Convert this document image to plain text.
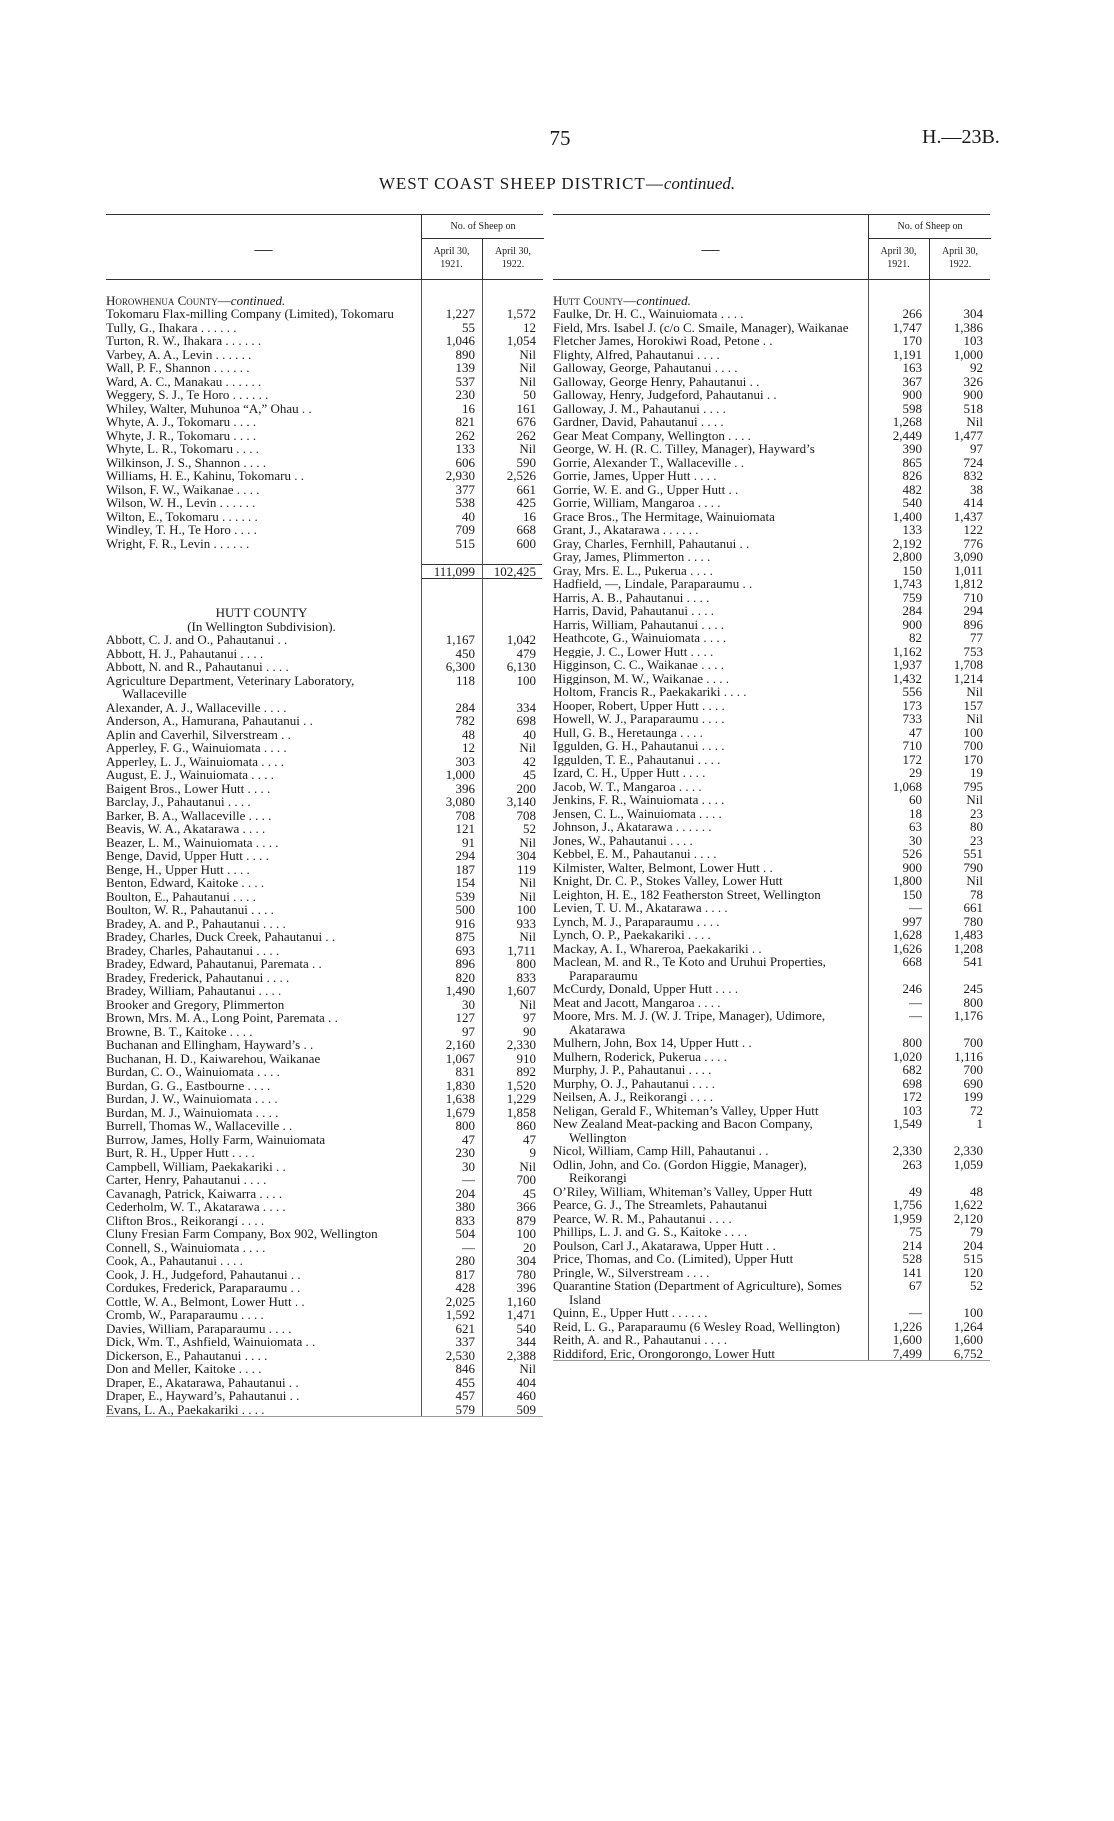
75	H.—23B.
WEST COAST SHEEP DISTRICT—continued.
—
No. of Sheep on
April 30, 1921.
April 30, 1922.
Horowhenua County—continued.
Tokomaru Flax-milling Company (Limited), Tokomaru	1,227	1,572
Tully, G., Ihakara . . . . . .	55	12
Turton, R. W., Ihakara . . . . . .	1,046	1,054
Varbey, A. A., Levin . . . . . .	890	Nil
Wall, P. F., Shannon . . . . . .	139	Nil
Ward, A. C., Manakau . . . . . .	537	Nil
Weggery, S. J., Te Horo . . . . . .	230	50
Whiley, Walter, Muhunoa “A,” Ohau . .	16	161
Whyte, A. J., Tokomaru . . . .	821	676
Whyte, J. R., Tokomaru . . . .	262	262
Whyte, L. R., Tokomaru . . . .	133	Nil
Wilkinson, J. S., Shannon . . . .	606	590
Williams, H. E., Kahinu, Tokomaru . .	2,930	2,526
Wilson, F. W., Waikanae . . . .	377	661
Wilson, W. H., Levin . . . . . .	538	425
Wilton, E., Tokomaru . . . . . .	40	16
Windley, T. H., Te Horo . . . .	709	668
Wright, F. R., Levin . . . . . .	515	600
111,099	102,425
HUTT COUNTY
(In Wellington Subdivision).
Abbott, C. J. and O., Pahautanui . .	1,167	1,042
Abbott, H. J., Pahautanui . . . .	450	479
Abbott, N. and R., Pahautanui . . . .	6,300	6,130
Agriculture Department, Veterinary Laboratory, Wallaceville
118	100
Alexander, A. J., Wallaceville . . . .	284	334
Anderson, A., Hamurana, Pahautanui . .	782	698
Aplin and Caverhil, Silverstream . .	48	40
Apperley, F. G., Wainuiomata . . . .	12	Nil
Apperley, L. J., Wainuiomata . . . .	303	42
August, E. J., Wainuiomata . . . .	1,000	45
Baigent Bros., Lower Hutt . . . .	396	200
Barclay, J., Pahautanui . . . .	3,080	3,140
Barker, B. A., Wallaceville . . . .	708	708
Beavis, W. A., Akatarawa . . . .	121	52
Beazer, L. M., Wainuiomata . . . .	91	Nil
Benge, David, Upper Hutt . . . .	294	304
Benge, H., Upper Hutt . . . .	187	119
Benton, Edward, Kaitoke . . . .	154	Nil
Boulton, E., Pahautanui . . . .	539	Nil
Boulton, W. R., Pahautanui . . . .	500	100
Bradey, A. and P., Pahautanui . . . .	916	933
Bradey, Charles, Duck Creek, Pahautanui . .	875	Nil
Bradey, Charles, Pahautanui . . . .	693	1,711
Bradey, Edward, Pahautanui, Paremata . .	896	800
Bradey, Frederick, Pahautanui . . . .	820	833
Bradey, William, Pahautanui . . . .	1,490	1,607
Brooker and Gregory, Plimmerton	30	Nil
Brown, Mrs. M. A., Long Point, Paremata . .	127	97
Browne, B. T., Kaitoke . . . .	97	90
Buchanan and Ellingham, Hayward’s . .	2,160	2,330
Buchanan, H. D., Kaiwarehou, Waikanae	1,067	910
Burdan, C. O., Wainuiomata . . . .	831	892
Burdan, G. G., Eastbourne . . . .	1,830	1,520
Burdan, J. W., Wainuiomata . . . .	1,638	1,229
Burdan, M. J., Wainuiomata . . . .	1,679	1,858
Burrell, Thomas W., Wallaceville . .	800	860
Burrow, James, Holly Farm, Wainuiomata	47	47
Burt, R. H., Upper Hutt . . . .	230	9
Campbell, William, Paekakariki . .	30	Nil
Carter, Henry, Pahautanui . . . .	—	700
Cavanagh, Patrick, Kaiwarra . . . .	204	45
Cederholm, W. T., Akatarawa . . . .	380	366
Clifton Bros., Reikorangi . . . .	833	879
Cluny Fresian Farm Company, Box 902, Wellington	504	100
Connell, S., Wainuiomata . . . .	—	20
Cook, A., Pahautanui . . . .	280	304
Cook, J. H., Judgeford, Pahautanui . .	817	780
Cordukes, Frederick, Paraparaumu . .	428	396
Cottle, W. A., Belmont, Lower Hutt . .	2,025	1,160
Cromb, W., Paraparaumu . . . .	1,592	1,471
Davies, William, Paraparaumu . . . .	621	540
Dick, Wm. T., Ashfield, Wainuiomata . .	337	344
Dickerson, E., Pahautanui . . . .	2,530	2,388
Don and Meller, Kaitoke . . . .	846	Nil
Draper, E., Akatarawa, Pahautanui . .	455	404
Draper, E., Hayward’s, Pahautanui . .	457	460
Evans, L. A., Paekakariki . . . .	579	509
—
No. of Sheep on
April 30, 1921.
April 30, 1922.
Hutt County—continued.
Faulke, Dr. H. C., Wainuiomata . . . .	266	304
Field, Mrs. Isabel J. (c/o C. Smaile, Manager), Waikanae	1,747	1,386
Fletcher James, Horokiwi Road, Petone . .	170	103
Flighty, Alfred, Pahautanui . . . .	1,191	1,000
Galloway, George, Pahautanui . . . .	163	92
Galloway, George Henry, Pahautanui . .	367	326
Galloway, Henry, Judgeford, Pahautanui . .	900	900
Galloway, J. M., Pahautanui . . . .	598	518
Gardner, David, Pahautanui . . . .	1,268	Nil
Gear Meat Company, Wellington . . . .	2,449	1,477
George, W. H. (R. C. Tilley, Manager), Hayward’s	390	97
Gorrie, Alexander T., Wallaceville . .	865	724
Gorrie, James, Upper Hutt . . . .	826	832
Gorrie, W. E. and G., Upper Hutt . .	482	38
Gorrie, William, Mangaroa . . . .	540	414
Grace Bros., The Hermitage, Wainuiomata	1,400	1,437
Grant, J., Akatarawa . . . . . .	133	122
Gray, Charles, Fernhill, Pahautanui . .	2,192	776
Gray, James, Plimmerton . . . .	2,800	3,090
Gray, Mrs. E. L., Pukerua . . . .	150	1,011
Hadfield, —, Lindale, Paraparaumu . .	1,743	1,812
Harris, A. B., Pahautanui . . . .	759	710
Harris, David, Pahautanui . . . .	284	294
Harris, William, Pahautanui . . . .	900	896
Heathcote, G., Wainuiomata . . . .	82	77
Heggie, J. C., Lower Hutt . . . .	1,162	753
Higginson, C. C., Waikanae . . . .	1,937	1,708
Higginson, M. W., Waikanae . . . .	1,432	1,214
Holtom, Francis R., Paekakariki . . . .	556	Nil
Hooper, Robert, Upper Hutt . . . .	173	157
Howell, W. J., Paraparaumu . . . .	733	Nil
Hull, G. B., Heretaunga . . . .	47	100
Iggulden, G. H., Pahautanui . . . .	710	700
Iggulden, T. E., Pahautanui . . . .	172	170
Izard, C. H., Upper Hutt . . . .	29	19
Jacob, W. T., Mangaroa . . . .	1,068	795
Jenkins, F. R., Wainuiomata . . . .	60	Nil
Jensen, C. L., Wainuiomata . . . .	18	23
Johnson, J., Akatarawa . . . . . .	63	80
Jones, W., Pahautanui . . . .	30	23
Kebbel, E. M., Pahautanui . . . .	526	551
Kilmister, Walter, Belmont, Lower Hutt . .	900	790
Knight, Dr. C. P., Stokes Valley, Lower Hutt	1,800	Nil
Leighton, H. E., 182 Featherston Street, Wellington	150	78
Levien, T. U. M., Akatarawa . . . .	—	661
Lynch, M. J., Paraparaumu . . . .	997	780
Lynch, O. P., Paekakariki . . . .	1,628	1,483
Mackay, A. I., Whareroa, Paekakariki . .	1,626	1,208
Maclean, M. and R., Te Koto and Uruhui Properties, Paraparaumu
668	541
McCurdy, Donald, Upper Hutt . . . .	246	245
Meat and Jacott, Mangaroa . . . .	—	800
Moore, Mrs. M. J. (W. J. Tripe, Manager), Udimore, Akatarawa
—	1,176
Mulhern, John, Box 14, Upper Hutt . .	800	700
Mulhern, Roderick, Pukerua . . . .	1,020	1,116
Murphy, J. P., Pahautanui . . . .	682	700
Murphy, O. J., Pahautanui . . . .	698	690
Neilsen, A. J., Reikorangi . . . .	172	199
Neligan, Gerald F., Whiteman’s Valley, Upper Hutt	103	72
New Zealand Meat-packing and Bacon Company, Wellington
1,549	1
Nicol, William, Camp Hill, Pahautanui . .	2,330	2,330
Odlin, John, and Co. (Gordon Higgie, Manager), Reikorangi
263	1,059
O’Riley, William, Whiteman’s Valley, Upper Hutt	49	48
Pearce, G. J., The Streamlets, Pahautanui	1,756	1,622
Pearce, W. R. M., Pahautanui . . . .	1,959	2,120
Phillips, L. J. and G. S., Kaitoke . . . .	75	79
Poulson, Carl J., Akatarawa, Upper Hutt . .	214	204
Price, Thomas, and Co. (Limited), Upper Hutt	528	515
Pringle, W., Silverstream . . . .	141	120
Quarantine Station (Department of Agriculture), Somes Island
67	52
Quinn, E., Upper Hutt . . . . . .	—	100
Reid, L. G., Paraparaumu (6 Wesley Road, Wellington)	1,226	1,264
Reith, A. and R., Pahautanui . . . .	1,600	1,600
Riddiford, Eric, Orongorongo, Lower Hutt	7,499	6,752
